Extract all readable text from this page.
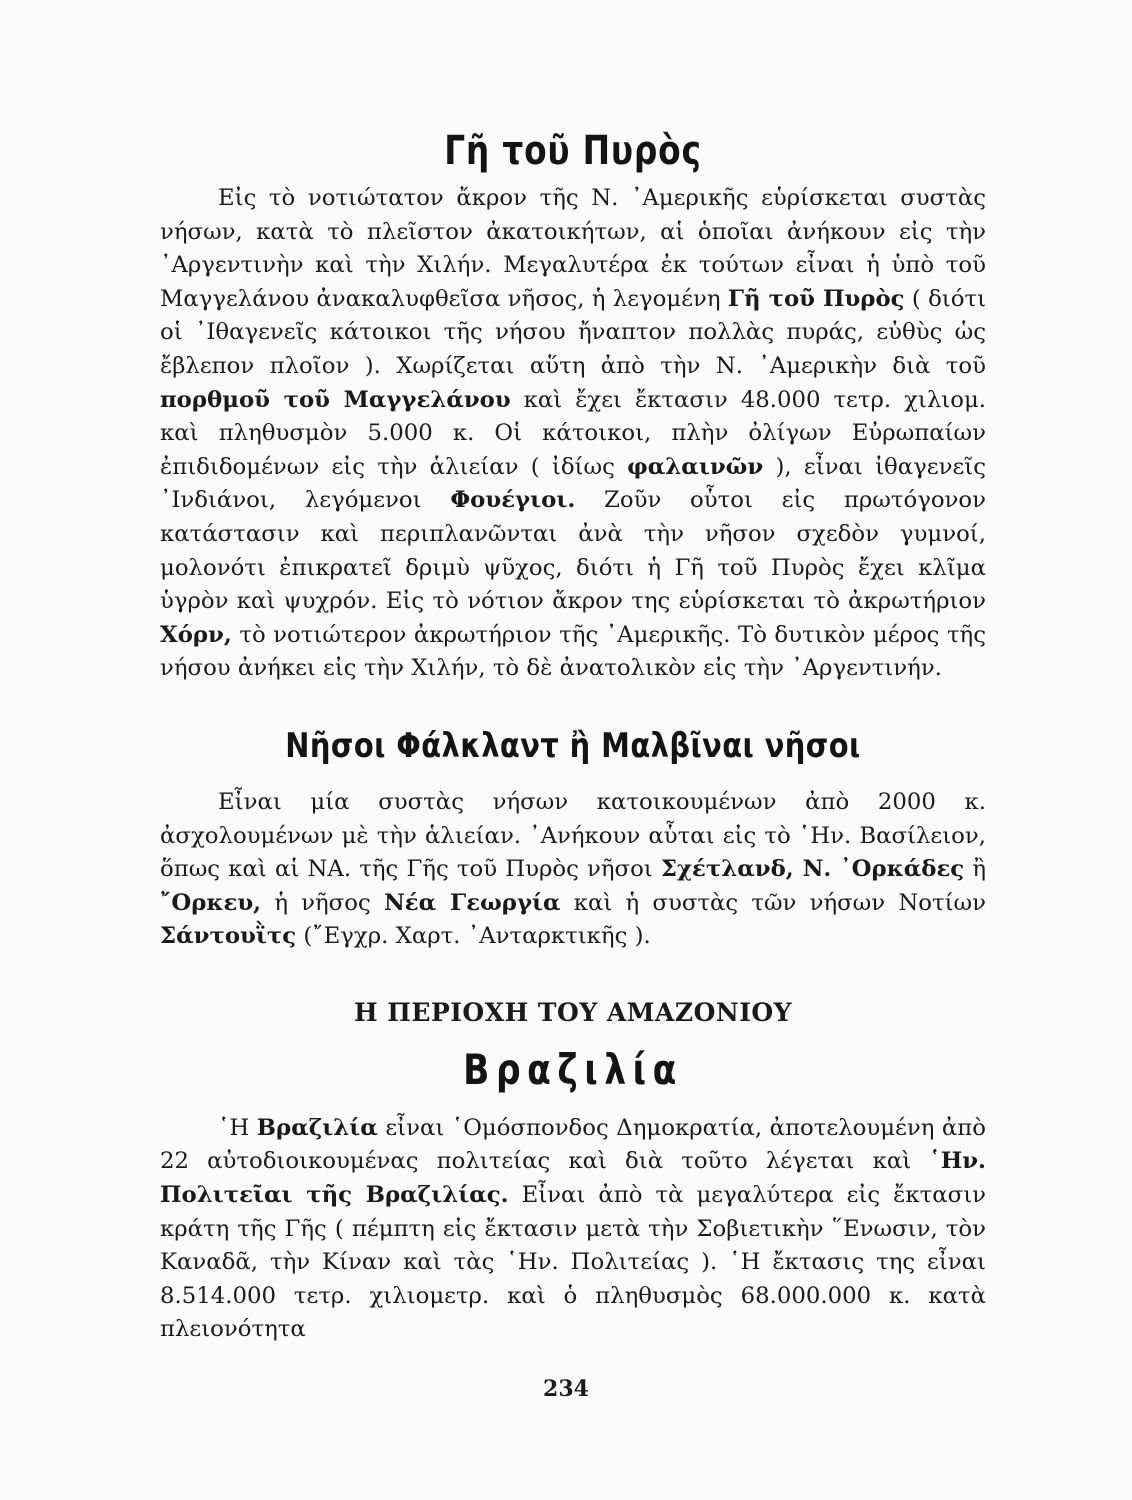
Γῆ τοῦ Πυρὸς

Εἰς τὸ νοτιώτατον ἄκρον τῆς Ν. ᾿Αμερικῆς εὑρίσκεται συστὰς νήσων, κατὰ τὸ πλεῖστον ἀκατοικήτων, αἱ ὁποῖαι ἀνήκουν εἰς τὴν ᾿Αργεντινὴν καὶ τὴν Χιλήν. Μεγαλυτέρα ἐκ τούτων εἶναι ἡ ὑπὸ τοῦ Μαγγελάνου ἀνακαλυφθεῖσα νῆσος, ἡ λεγομένη Γῆ τοῦ Πυρὸς ( διότι οἱ ᾿Ιθαγενεῖς κάτοικοι τῆς νήσου ἤναπτον πολλὰς πυράς, εὐθὺς ὡς ἔβλεπον πλοῖον ). Χωρίζεται αὕτη ἀπὸ τὴν Ν. ᾿Αμερικὴν διὰ τοῦ πορθμοῦ τοῦ Μαγγελάνου καὶ ἔχει ἔκτασιν 48.000 τετρ. χιλιομ. καὶ πληθυσμὸν 5.000 κ. Οἱ κάτοικοι, πλὴν ὀλίγων Εὐρωπαίων ἐπιδιδομένων εἰς τὴν ἁλιείαν ( ἰδίως φαλαινῶν ), εἶναι ἰθαγενεῖς ᾿Ινδιάνοι, λεγόμενοι Φουέγιοι. Ζοῦν οὗτοι εἰς πρωτόγονον κατάστασιν καὶ περιπλανῶνται ἀνὰ τὴν νῆσον σχεδὸν γυμνοί, μολονότι ἐπικρατεῖ δριμὺ ψῦχος, διότι ἡ Γῆ τοῦ Πυρὸς ἔχει κλῖμα ὑγρὸν καὶ ψυχρόν. Εἰς τὸ νότιον ἄκρον της εὑρίσκεται τὸ ἀκρωτήριον Χόρν, τὸ νοτιώτερον ἀκρωτήριον τῆς ᾿Αμερικῆς. Τὸ δυτικὸν μέρος τῆς νήσου ἀνήκει εἰς τὴν Χιλήν, τὸ δὲ ἀνατολικὸν εἰς τὴν ᾿Αργεντινήν.

Νῆσοι Φάλκλαντ ἢ Μαλβῖναι νῆσοι

Εἶναι μία συστὰς νήσων κατοικουμένων ἀπὸ 2000 κ. ἀσχολουμένων μὲ τὴν ἁλιείαν. ᾿Ανήκουν αὗται εἰς τὸ ῾Ην. Βασίλειον, ὅπως καὶ αἱ ΝΑ. τῆς Γῆς τοῦ Πυρὸς νῆσοι Σχέτλανδ, Ν. ᾿Ορκάδες ἢ ῎Ορκευ, ἡ νῆσος Νέα Γεωργία καὶ ἡ συστὰς τῶν νήσων Νοτίων Σάντουῒτς (῎Εγχρ. Χαρτ. ᾿Ανταρκτικῆς ).

Η ΠΕΡΙΟΧΗ ΤΟΥ ΑΜΑΖΟΝΙΟΥ
Βραζιλία

῾Η Βραζιλία εἶναι ῾Ομόσπονδος Δημοκρατία, ἀποτελουμένη ἀπὸ 22 αὐτοδιοικουμένας πολιτείας καὶ διὰ τοῦτο λέγεται καὶ ῾Ην. Πολιτεῖαι τῆς Βραζιλίας. Εἶναι ἀπὸ τὰ μεγαλύτερα εἰς ἔκτασιν κράτη τῆς Γῆς ( πέμπτη εἰς ἔκτασιν μετὰ τὴν Σοβιετικὴν ῞Ενωσιν, τὸν Καναδᾶ, τὴν Κίναν καὶ τὰς ῾Ην. Πολιτείας ). ῾Η ἔκτασις της εἶναι 8.514.000 τετρ. χιλιομετρ. καὶ ὁ πληθυσμὸς 68.000.000 κ. κατὰ πλειονότητα

234
